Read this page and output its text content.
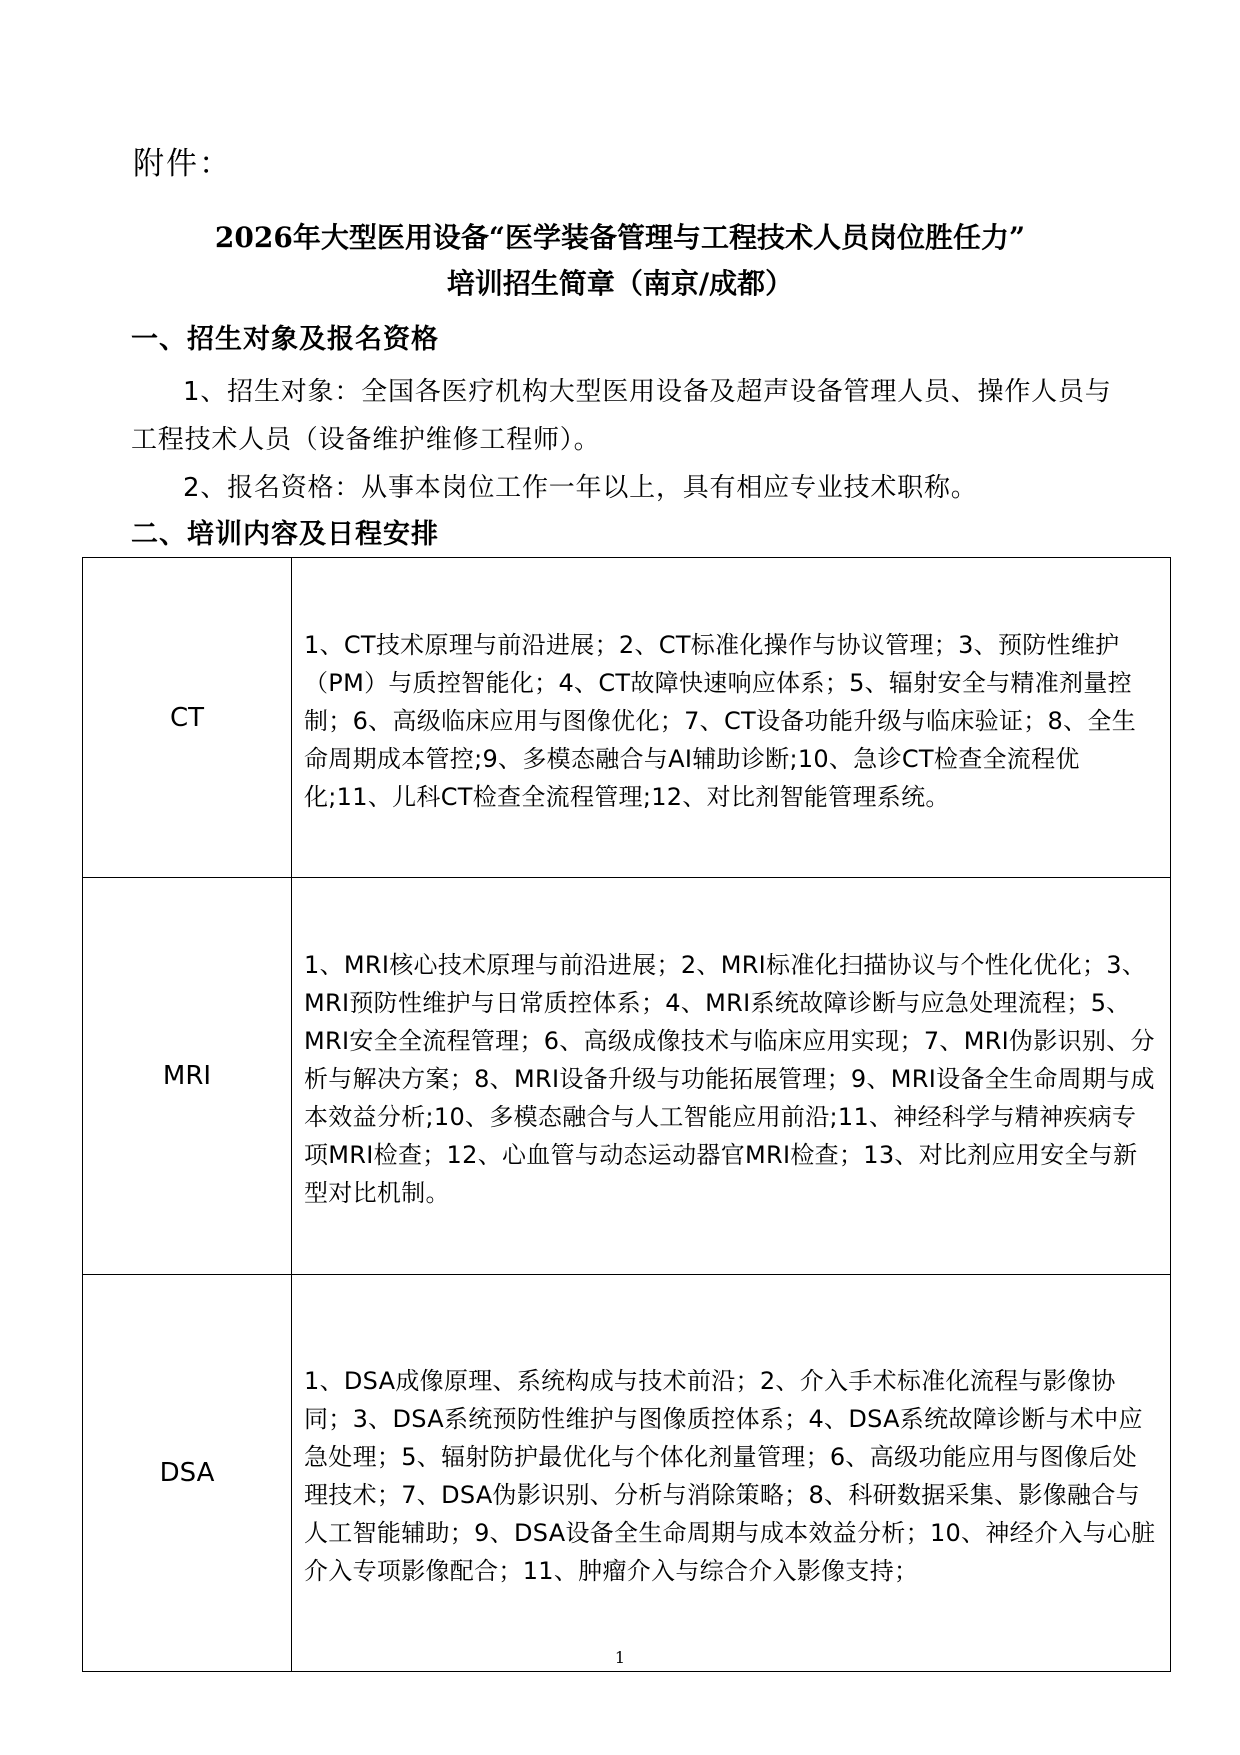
附件：
2026年大型医用设备“医学装备管理与工程技术人员岗位胜任力”
培训招生简章（南京/成都）
一、招生对象及报名资格
1、招生对象：全国各医疗机构大型医用设备及超声设备管理人员、操作人员与工程技术人员（设备维护维修工程师）。
2、报名资格：从事本岗位工作一年以上，具有相应专业技术职称。
二、培训内容及日程安排
CT	1、CT技术原理与前沿进展；2、CT标准化操作与协议管理；3、预防性维护（PM）与质控智能化；4、CT故障快速响应体系；5、辐射安全与精准剂量控制；6、高级临床应用与图像优化；7、CT设备功能升级与临床验证；8、全生命周期成本管控;9、多模态融合与AI辅助诊断;10、急诊CT检查全流程优化;11、儿科CT检查全流程管理;12、对比剂智能管理系统。
MRI	1、MRI核心技术原理与前沿进展；2、MRI标准化扫描协议与个性化优化；3、MRI预防性维护与日常质控体系；4、MRI系统故障诊断与应急处理流程；5、MRI安全全流程管理；6、高级成像技术与临床应用实现；7、MRI伪影识别、分析与解决方案；8、MRI设备升级与功能拓展管理；9、MRI设备全生命周期与成本效益分析;10、多模态融合与人工智能应用前沿;11、神经科学与精神疾病专项MRI检查；12、心血管与动态运动器官MRI检查；13、对比剂应用安全与新型对比机制。
DSA	1、DSA成像原理、系统构成与技术前沿；2、介入手术标准化流程与影像协同；3、DSA系统预防性维护与图像质控体系；4、DSA系统故障诊断与术中应急处理；5、辐射防护最优化与个体化剂量管理；6、高级功能应用与图像后处理技术；7、DSA伪影识别、分析与消除策略；8、科研数据采集、影像融合与人工智能辅助；9、DSA设备全生命周期与成本效益分析；10、神经介入与心脏介入专项影像配合；11、肿瘤介入与综合介入影像支持；
1
